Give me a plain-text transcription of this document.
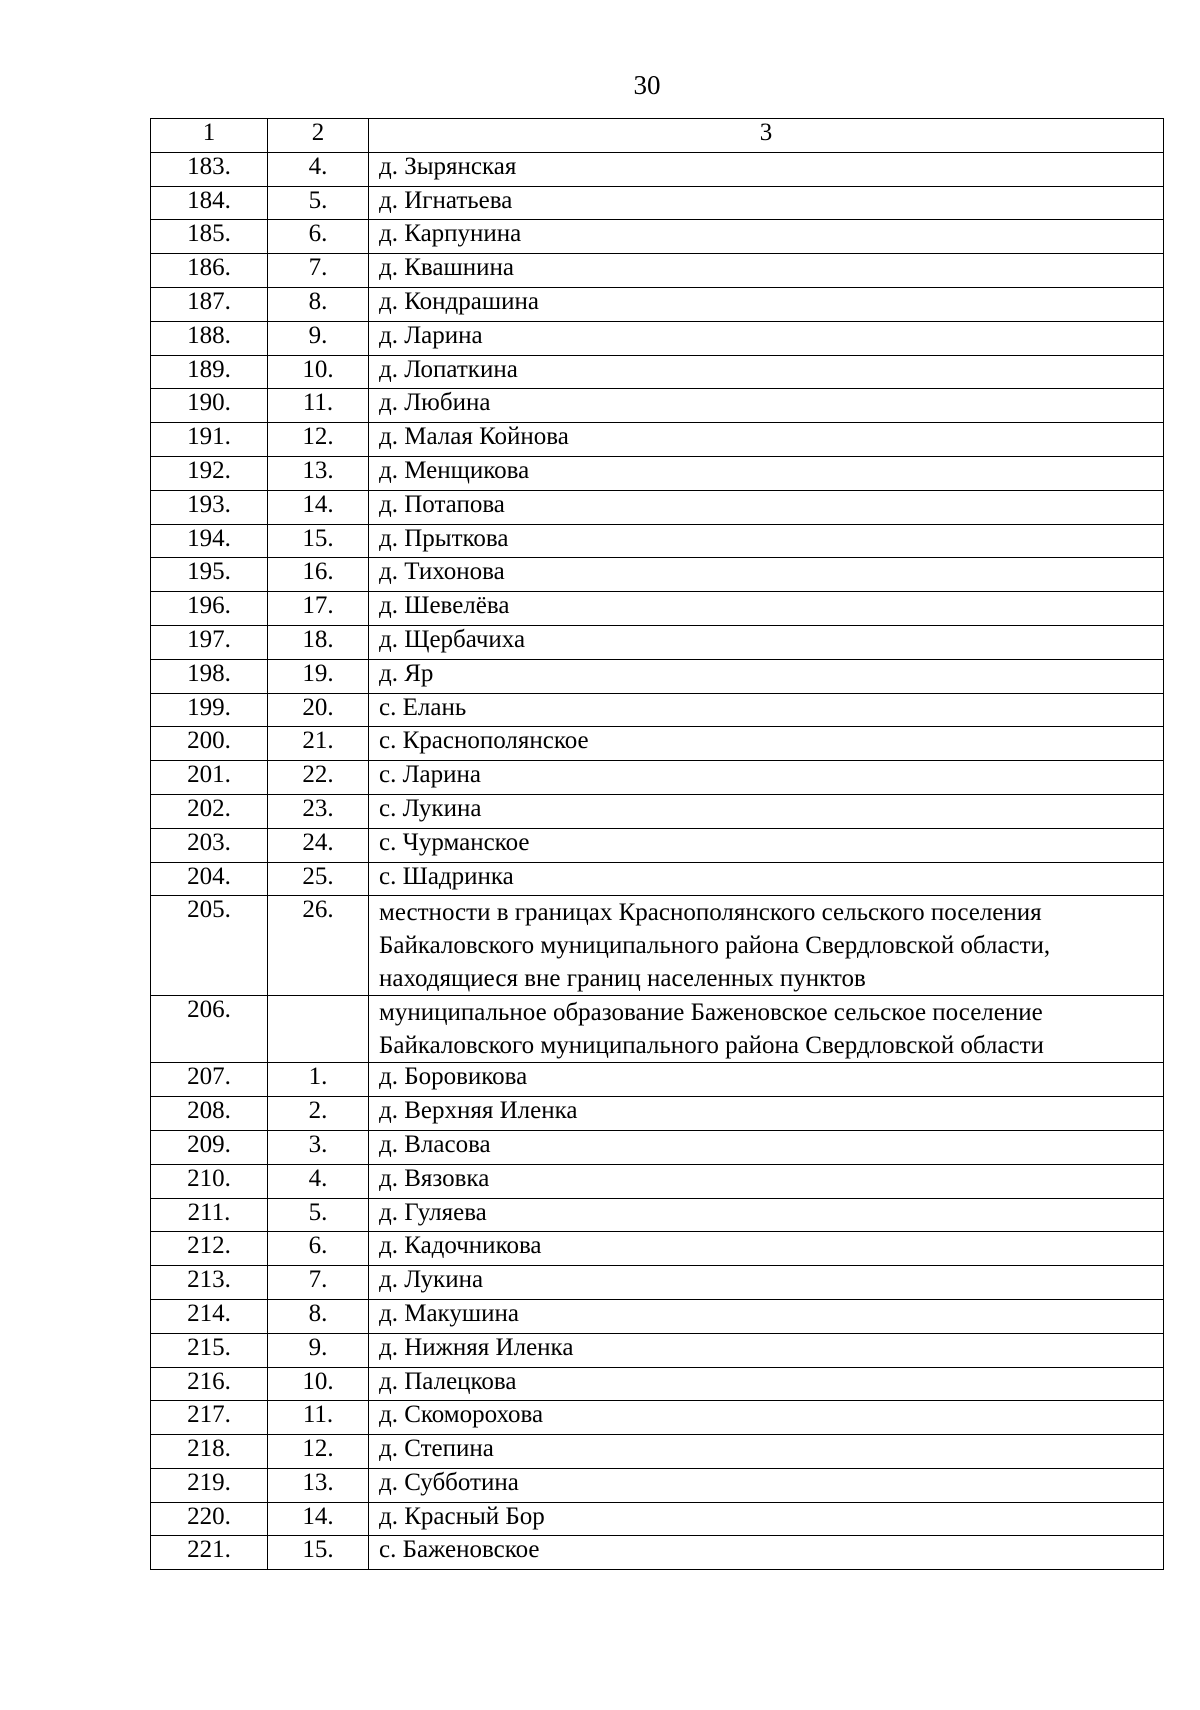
30
1	2	3
183.	4.	д. Зырянская
184.	5.	д. Игнатьева
185.	6.	д. Карпунина
186.	7.	д. Квашнина
187.	8.	д. Кондрашина
188.	9.	д. Ларина
189.	10.	д. Лопаткина
190.	11.	д. Любина
191.	12.	д. Малая Койнова
192.	13.	д. Менщикова
193.	14.	д. Потапова
194.	15.	д. Прыткова
195.	16.	д. Тихонова
196.	17.	д. Шевелёва
197.	18.	д. Щербачиха
198.	19.	д. Яр
199.	20.	с. Елань
200.	21.	с. Краснополянское
201.	22.	с. Ларина
202.	23.	с. Лукина
203.	24.	с. Чурманское
204.	25.	с. Шадринка
205.	26.	местности в границах Краснополянского сельского поселения Байкаловского муниципального района Свердловской области, находящиеся вне границ населенных пунктов
206.		муниципальное образование Баженовское сельское поселение Байкаловского муниципального района Свердловской области
207.	1.	д. Боровикова
208.	2.	д. Верхняя Иленка
209.	3.	д. Власова
210.	4.	д. Вязовка
211.	5.	д. Гуляева
212.	6.	д. Кадочникова
213.	7.	д. Лукина
214.	8.	д. Макушина
215.	9.	д. Нижняя Иленка
216.	10.	д. Палецкова
217.	11.	д. Скоморохова
218.	12.	д. Степина
219.	13.	д. Субботина
220.	14.	д. Красный Бор
221.	15.	с. Баженовское
